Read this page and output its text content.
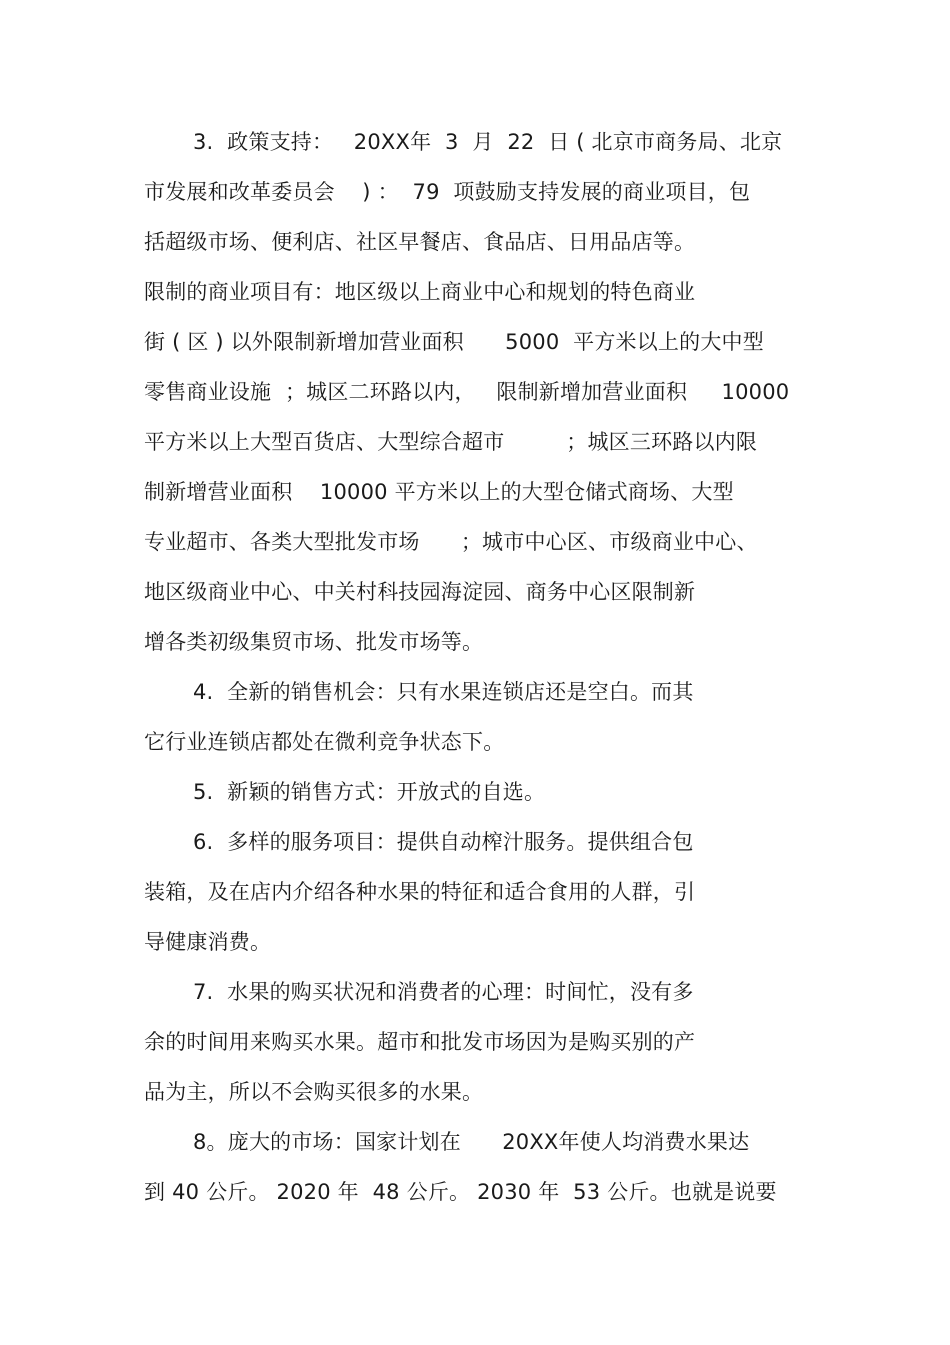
3.  政策支持：   20XX年  3  月  22  日 ( 北京市商务局、北京
市发展和改革委员会    ) ：  79  项鼓励支持发展的商业项目，包
括超级市场、便利店、社区早餐店、食品店、日用品店等。
限制的商业项目有：地区级以上商业中心和规划的特色商业
街 ( 区 ) 以外限制新增加营业面积      5000  平方米以上的大中型
零售商业设施  ；城区二环路以内，   限制新增加营业面积     10000
平方米以上大型百货店、大型综合超市         ；城区三环路以内限
制新增营业面积    10000 平方米以上的大型仓储式商场、大型
专业超市、各类大型批发市场      ；城市中心区、市级商业中心、
地区级商业中心、中关村科技园海淀园、商务中心区限制新
增各类初级集贸市场、批发市场等。
4.  全新的销售机会：只有水果连锁店还是空白。而其
它行业连锁店都处在微利竞争状态下。
5.  新颖的销售方式：开放式的自选。
6.  多样的服务项目：提供自动榨汁服务。提供组合包
装箱，及在店内介绍各种水果的特征和适合食用的人群，引
导健康消费。
7.  水果的购买状况和消费者的心理：时间忙，没有多
余的时间用来购买水果。超市和批发市场因为是购买别的产
品为主，所以不会购买很多的水果。
8。庞大的市场：国家计划在      20XX年使人均消费水果达
到 40 公斤。 2020 年  48 公斤。 2030 年  53 公斤。也就是说要
